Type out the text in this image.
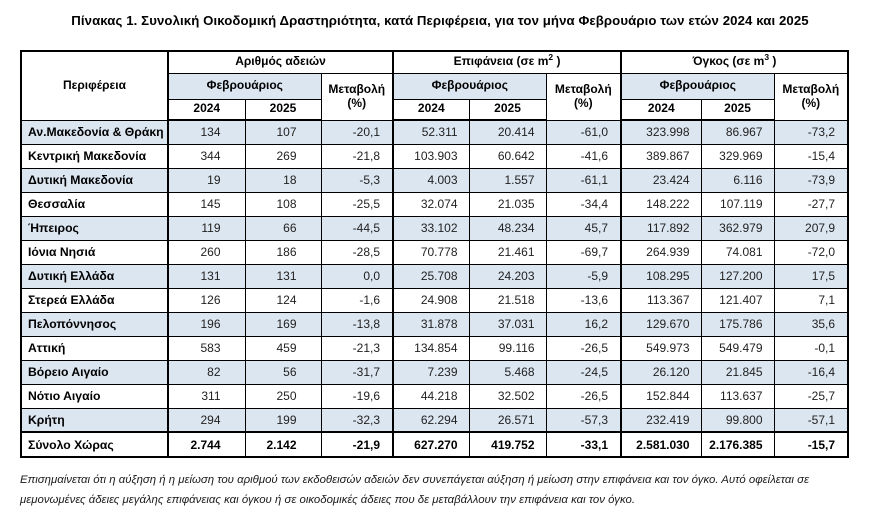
Πίνακας 1. Συνολική Οικοδομική Δραστηριότητα, κατά Περιφέρεια, για τον μήνα Φεβρουάριο των ετών 2024 και 2025
Περιφέρεια	Αριθμός αδειών			Επιφάνεια (σε $m^2$ )			Όγκος (σε $m^3$ )		
	Φεβρουάριος		Μεταβολή (%)	Φεβρουάριος		Μεταβολή (%)	Φεβρουάριος		Μεταβολή (%)
	2024	2025		2024	2025		2024	2025	
Αν.Μακεδονία & Θράκη	134	107	-20,1	52.311	20.414	-61,0	323.998	86.967	-73,2
Κεντρική Μακεδονία	344	269	-21,8	103.903	60.642	-41,6	389.867	329.969	-15,4
Δυτική Μακεδονία	19	18	-5,3	4.003	1.557	-61,1	23.424	6.116	-73,9
Θεσσαλία	145	108	-25,5	32.074	21.035	-34,4	148.222	107.119	-27,7
Ήπειρος	119	66	-44,5	33.102	48.234	45,7	117.892	362.979	207,9
Ιόνια Νησιά	260	186	-28,5	70.778	21.461	-69,7	264.939	74.081	-72,0
Δυτική Ελλάδα	131	131	0,0	25.708	24.203	-5,9	108.295	127.200	17,5
Στερεά Ελλάδα	126	124	-1,6	24.908	21.518	-13,6	113.367	121.407	7,1
Πελοπόννησος	196	169	-13,8	31.878	37.031	16,2	129.670	175.786	35,6
Αττική	583	459	-21,3	134.854	99.116	-26,5	549.973	549.479	-0,1
Βόρειο Αιγαίο	82	56	-31,7	7.239	5.468	-24,5	26.120	21.845	-16,4
Νότιο Αιγαίο	311	250	-19,6	44.218	32.502	-26,5	152.844	113.637	-25,7
Κρήτη	294	199	-32,3	62.294	26.571	-57,3	232.419	99.800	-57,1
Σύνολο Χώρας	2.744	2.142	-21,9	627.270	419.752	-33,1	2.581.030	2.176.385	-15,7

Επισημαίνεται ότι η αύξηση ή η μείωση του αριθμού των εκδοθεισών αδειών δεν συνεπάγεται αύξηση ή μείωση στην επιφάνεια και τον όγκο. Αυτό οφείλεται σε μεμονωμένες άδειες μεγάλης επιφάνειας και όγκου ή σε οικοδομικές άδειες που δε μεταβάλλουν την επιφάνεια και τον όγκο.
